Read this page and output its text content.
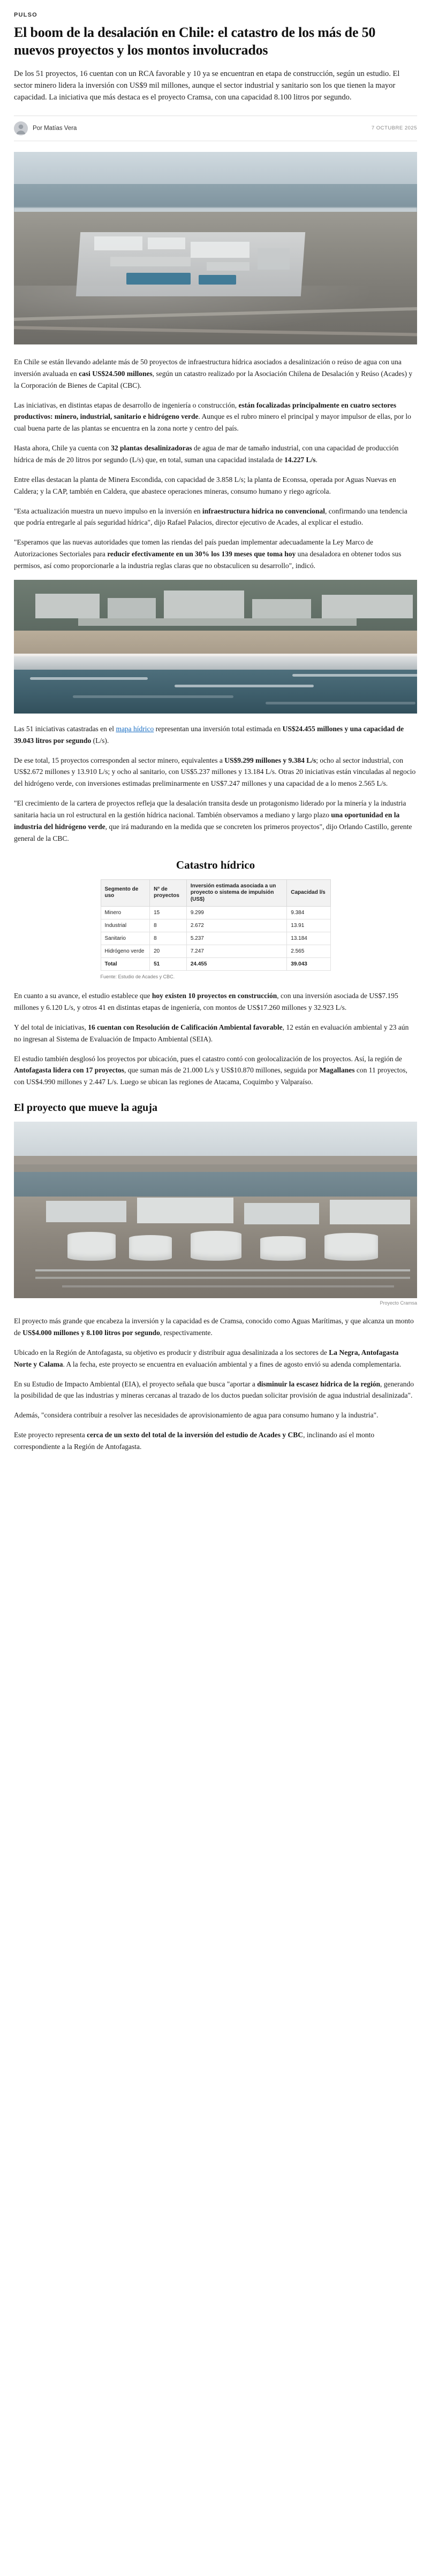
PULSO
El boom de la desalación en Chile: el catastro de los más de 50 nuevos proyectos y los montos involucrados

De los 51 proyectos, 16 cuentan con un RCA favorable y 10 ya se encuentran en etapa de construcción, según un estudio. El sector minero lidera la inversión con US$9 mil millones, aunque el sector industrial y sanitario son los que tienen la mayor capacidad. La iniciativa que más destaca es el proyecto Cramsa, con una capacidad 8.100 litros por segundo.

Por Matías Vera	7 OCTUBRE 2025

En Chile se están llevando adelante más de 50 proyectos de infraestructura hídrica asociados a desalinización o reúso de agua con una inversión avaluada en casi US$24.500 millones, según un catastro realizado por la Asociación Chilena de Desalación y Reúso (Acades) y la Corporación de Bienes de Capital (CBC).

Las iniciativas, en distintas etapas de desarrollo de ingeniería o construcción, están focalizadas principalmente en cuatro sectores productivos: minero, industrial, sanitario e hidrógeno verde. Aunque es el rubro minero el principal y mayor impulsor de ellas, por lo cual buena parte de las plantas se encuentra en la zona norte y centro del país.

Hasta ahora, Chile ya cuenta con 32 plantas desalinizadoras de agua de mar de tamaño industrial, con una capacidad de producción hídrica de más de 20 litros por segundo (L/s) que, en total, suman una capacidad instalada de 14.227 L/s.

Entre ellas destacan la planta de Minera Escondida, con capacidad de 3.858 L/s; la planta de Econssa, operada por Aguas Nuevas en Caldera; y la CAP, también en Caldera, que abastece operaciones mineras, consumo humano y riego agrícola.

"Esta actualización muestra un nuevo impulso en la inversión en infraestructura hídrica no convencional, confirmando una tendencia que podría entregarle al país seguridad hídrica", dijo Rafael Palacios, director ejecutivo de Acades, al explicar el estudio.

"Esperamos que las nuevas autoridades que tomen las riendas del país puedan implementar adecuadamente la Ley Marco de Autorizaciones Sectoriales para reducir efectivamente en un 30% los 139 meses que toma hoy una desaladora en obtener todos sus permisos, así como proporcionarle a la industria reglas claras que no obstaculicen su desarrollo", indicó.

Las 51 iniciativas catastradas en el mapa hídrico representan una inversión total estimada en US$24.455 millones y una capacidad de 39.043 litros por segundo (L/s).

De ese total, 15 proyectos corresponden al sector minero, equivalentes a US$9.299 millones y 9.384 L/s; ocho al sector industrial, con US$2.672 millones y 13.910 L/s; y ocho al sanitario, con US$5.237 millones y 13.184 L/s. Otras 20 iniciativas están vinculadas al negocio del hidrógeno verde, con inversiones estimadas preliminarmente en US$7.247 millones y una capacidad de a lo menos 2.565 L/s.

"El crecimiento de la cartera de proyectos refleja que la desalación transita desde un protagonismo liderado por la minería y la industria sanitaria hacia un rol estructural en la gestión hídrica nacional. También observamos a mediano y largo plazo una oportunidad en la industria del hidrógeno verde, que irá madurando en la medida que se concreten los primeros proyectos", dijo Orlando Castillo, gerente general de la CBC.

Catastro hídrico
Segmento de uso	N° de proyectos	Inversión estimada asociada a un proyecto o sistema de impulsión (US$)	Capacidad l/s
Minero	15	9.299	9.384
Industrial	8	2.672	13.91
Sanitario	8	5.237	13.184
Hidrógeno verde	20	7.247	2.565
Total	51	24.455	39.043
Fuente: Estudio de Acades y CBC.

En cuanto a su avance, el estudio establece que hoy existen 10 proyectos en construcción, con una inversión asociada de US$7.195 millones y 6.120 L/s, y otros 41 en distintas etapas de ingeniería, con montos de US$17.260 millones y 32.923 L/s.

Y del total de iniciativas, 16 cuentan con Resolución de Calificación Ambiental favorable, 12 están en evaluación ambiental y 23 aún no ingresan al Sistema de Evaluación de Impacto Ambiental (SEIA).

El estudio también desglosó los proyectos por ubicación, pues el catastro contó con geolocalización de los proyectos. Así, la región de Antofagasta lidera con 17 proyectos, que suman más de 21.000 L/s y US$10.870 millones, seguida por Magallanes con 11 proyectos, con US$4.990 millones y 2.447 L/s. Luego se ubican las regiones de Atacama, Coquimbo y Valparaíso.

El proyecto que mueve la aguja
Proyecto Cramsa

El proyecto más grande que encabeza la inversión y la capacidad es de Cramsa, conocido como Aguas Marítimas, y que alcanza un monto de US$4.000 millones y 8.100 litros por segundo, respectivamente.

Ubicado en la Región de Antofagasta, su objetivo es producir y distribuir agua desalinizada a los sectores de La Negra, Antofagasta Norte y Calama. A la fecha, este proyecto se encuentra en evaluación ambiental y a fines de agosto envió su adenda complementaria.

En su Estudio de Impacto Ambiental (EIA), el proyecto señala que busca "aportar a disminuir la escasez hídrica de la región, generando la posibilidad de que las industrias y mineras cercanas al trazado de los ductos puedan solicitar provisión de agua industrial desalinizada".

Además, "considera contribuir a resolver las necesidades de aprovisionamiento de agua para consumo humano y la industria".

Este proyecto representa cerca de un sexto del total de la inversión del estudio de Acades y CBC, inclinando así el monto correspondiente a la Región de Antofagasta.
